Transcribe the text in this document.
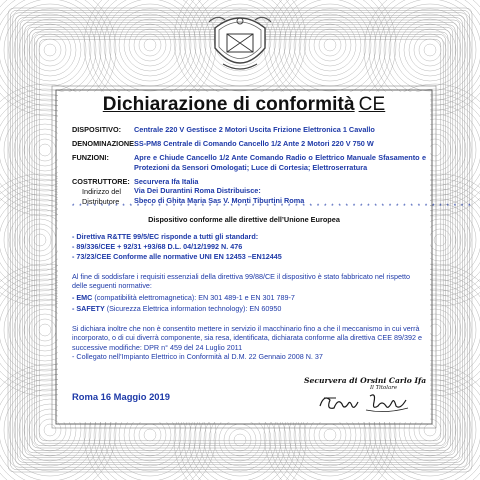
Dichiarazione di conformità CE
DISPOSITIVO: Centrale 220 V Gestisce 2 Motori Uscita Frizione Elettronica 1 Cavallo
DENOMINAZIONE:
SS-PM8 Centrale di Comando Cancello 1/2 Ante 2 Motori 220 V 750 W
FUNZIONI:	Apre e Chiude Cancello 1/2 Ante Comando Radio o Elettrico Manuale Sfasamento e Protezioni da Sensori Omologati; Luce di Cortesia; Elettroserratura
COSTRUTTORE: Securvera Ifa Italia
Indirizzo del
Distributore
Via Dei Durantini Roma Distribuisce:
Sbeco di Ghita Maria Sas V. Monti Tiburtini Roma
* * * * * * * * * * * * * * * * * * * * * * * * * * * * * * * * * * * * * * * * * * * * * * * * * * * * * * * *
Dispositivo conforme alle direttive dell’Unione Europea
- Direttiva R&TTE 99/5/EC risponde a tutti gli standard:
- 89/336/CEE + 92/31 +93/68 D.L. 04/12/1992 N. 476
- 73/23/CEE Conforme alle normative UNI EN 12453 –EN12445
Al fine di soddisfare i requisiti essenziali della direttiva 99/88/CE il dispositivo è stato fabbricato nel rispetto delle seguenti normative:
- EMC (compatibilità elettromagnetica): EN 301 489-1 e EN 301 789-7
- SAFETY (Sicurezza Elettrica information technology): EN 60950
Si dichiara inoltre che non è consentito mettere in servizio il macchinario fino a che il meccanismo in cui verrà incorporato, o di cui diverrà componente, sia resa, identificata, dichiarata conforme alla direttiva CEE 89/392 e successive modifiche: DPR n° 459 del 24 Luglio 2011
- Collegato nell’Impianto Elettrico in Conformità al D.M. 22 Gennaio 2008 N. 37
Roma 16 Maggio 2019
Securvera di Orsini Carlo Ifa
Il Titolare
